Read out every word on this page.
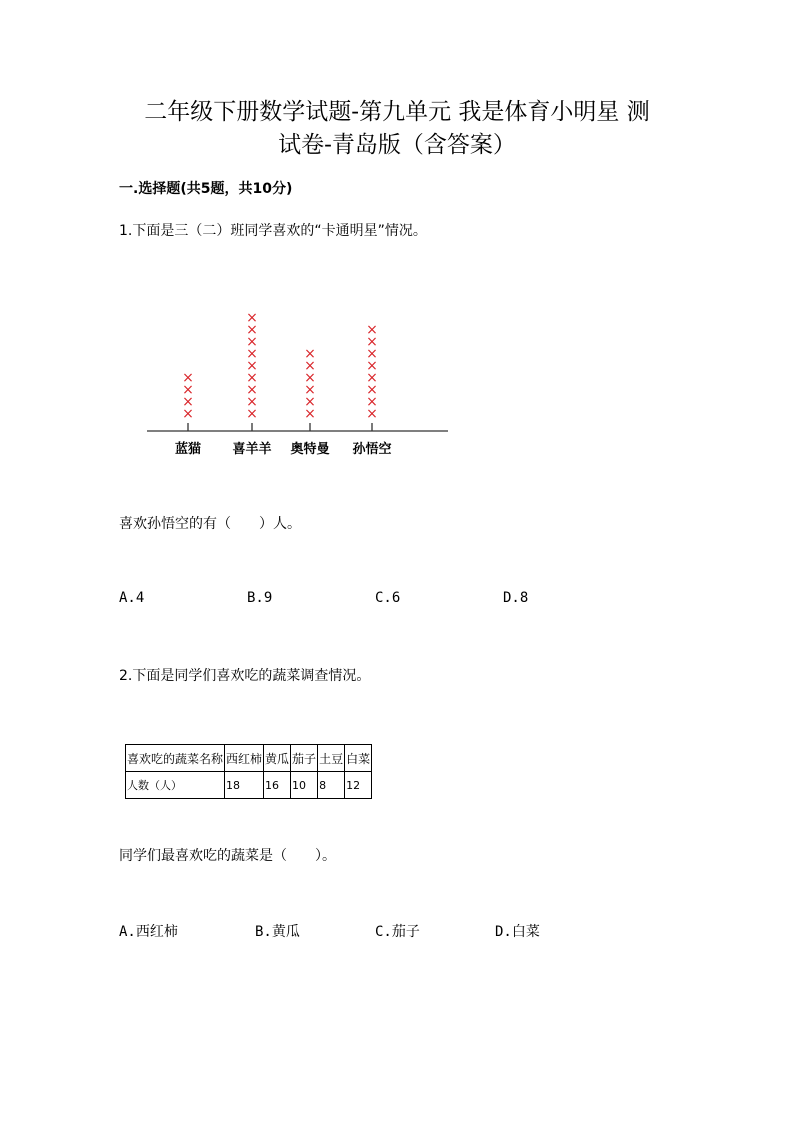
二年级下册数学试题-第九单元 我是体育小明星 测
试卷-青岛版（含答案）
一.选择题(共5题，共10分)
1.下面是三（二）班同学喜欢的“卡通明星”情况。
×
×
×
×
蓝猫
×
×
×
×
×
×
×
×
×
喜羊羊
×
×
×
×
×
×
奥特曼
×
×
×
×
×
×
×
×
孙悟空
喜欢孙悟空的有（　　）人。
A.4	B.9	C.6	D.8
2.下面是同学们喜欢吃的蔬菜调查情况。
喜欢吃的蔬菜名称	西红柿	黄瓜	茄子	土豆	白菜
人数（人）	18	16	10	8	12
同学们最喜欢吃的蔬菜是（　　）。
A.西红柿	B.黄瓜	C.茄子	D.白菜
